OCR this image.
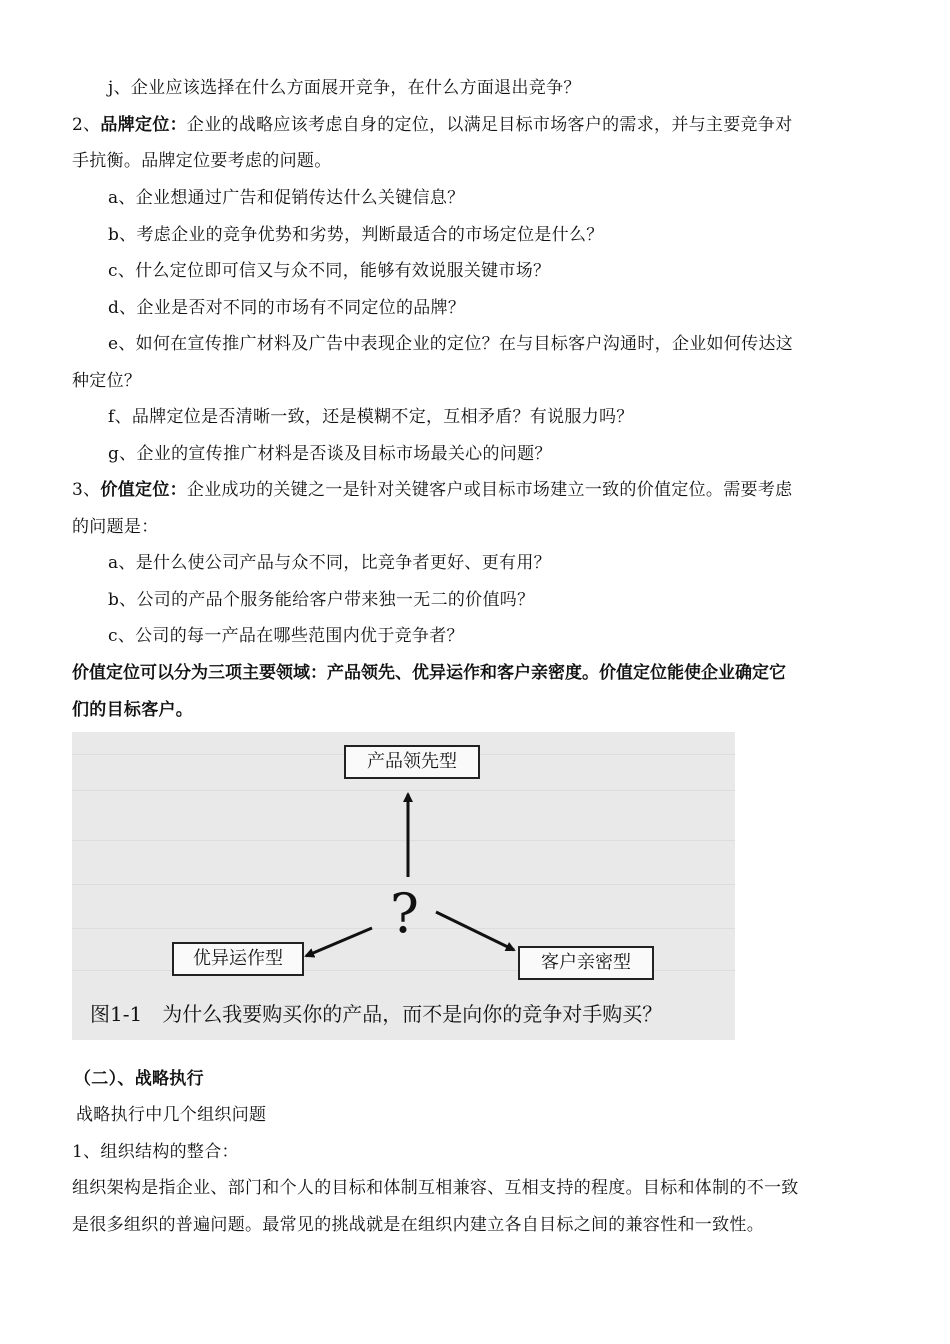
j、企业应该选择在什么方面展开竞争，在什么方面退出竞争？
2、品牌定位：企业的战略应该考虑自身的定位，以满足目标市场客户的需求，并与主要竞争对
手抗衡。品牌定位要考虑的问题。
a、企业想通过广告和促销传达什么关键信息？
b、考虑企业的竞争优势和劣势，判断最适合的市场定位是什么？
c、什么定位即可信又与众不同，能够有效说服关键市场？
d、企业是否对不同的市场有不同定位的品牌？
e、如何在宣传推广材料及广告中表现企业的定位？在与目标客户沟通时，企业如何传达这
种定位？
f、品牌定位是否清晰一致，还是模糊不定，互相矛盾？有说服力吗？
g、企业的宣传推广材料是否谈及目标市场最关心的问题？
3、价值定位：企业成功的关键之一是针对关键客户或目标市场建立一致的价值定位。需要考虑
的问题是：
a、是什么使公司产品与众不同，比竞争者更好、更有用？
b、公司的产品个服务能给客户带来独一无二的价值吗？
c、公司的每一产品在哪些范围内优于竞争者？
价值定位可以分为三项主要领域：产品领先、优异运作和客户亲密度。价值定位能使企业确定它
们的目标客户。
产品领先型
优异运作型	客户亲密型
?
图1-1　为什么我要购买你的产品，而不是向你的竞争对手购买？
（二）、战略执行
战略执行中几个组织问题
1、组织结构的整合：
组织架构是指企业、部门和个人的目标和体制互相兼容、互相支持的程度。目标和体制的不一致
是很多组织的普遍问题。最常见的挑战就是在组织内建立各自目标之间的兼容性和一致性。
